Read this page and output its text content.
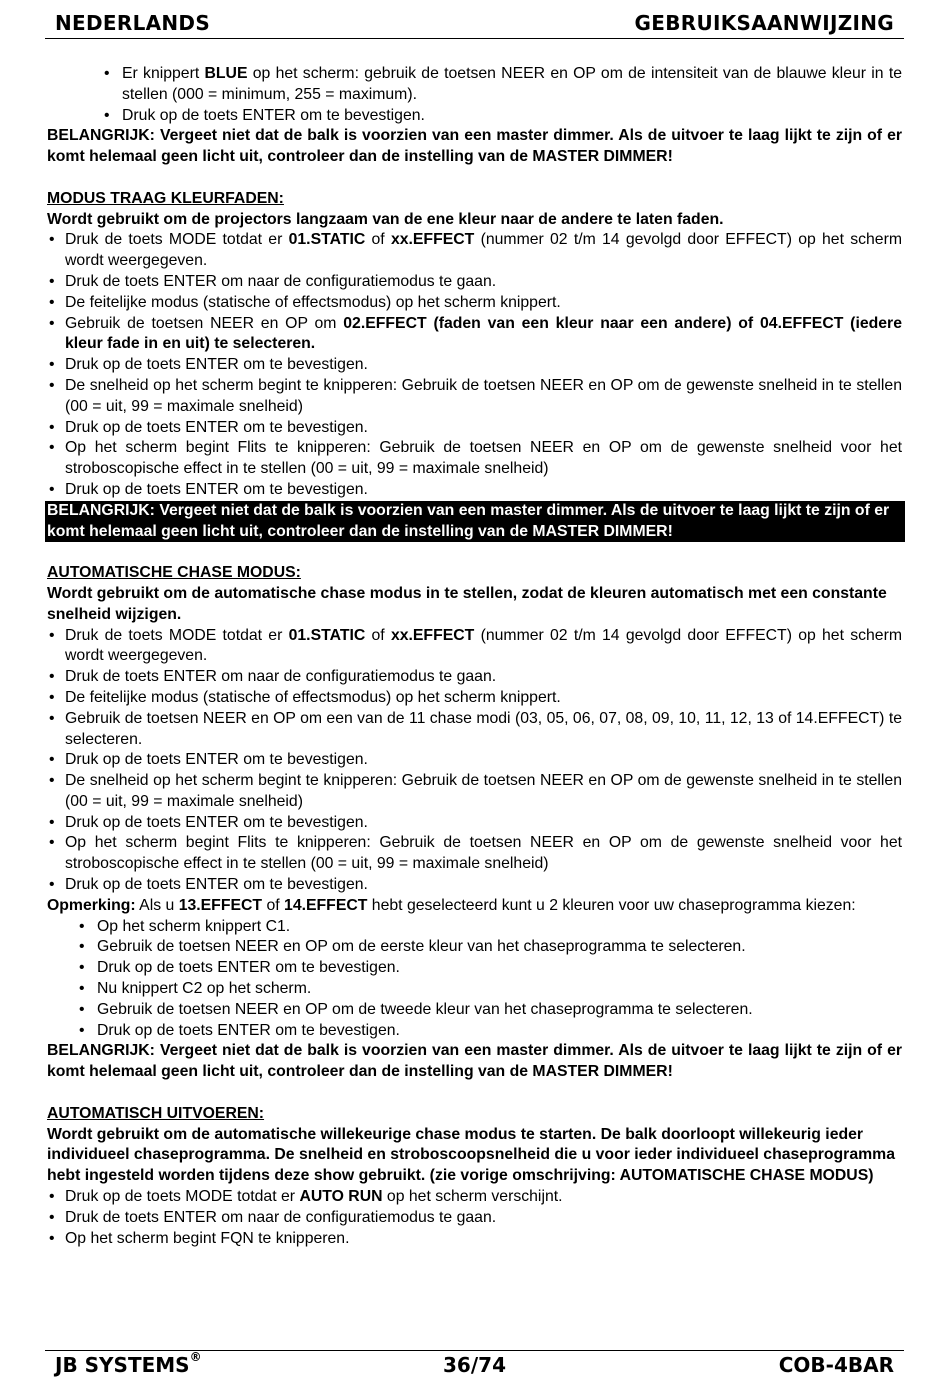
NEDERLANDS	GEBRUIKSAANWIJZING
• Er knippert BLUE op het scherm: gebruik de toetsen NEER en OP om de intensiteit van de blauwe kleur in te stellen (000 = minimum, 255 = maximum).
• Druk op de toets ENTER om te bevestigen.

BELANGRIJK: Vergeet niet dat de balk is voorzien van een master dimmer. Als de uitvoer te laag lijkt te zijn of er komt helemaal geen licht uit, controleer dan de instelling van de MASTER DIMMER!

MODUS TRAAG KLEURFADEN:

Wordt gebruikt om de projectors langzaam van de ene kleur naar de andere te laten faden.

• Druk de toets MODE totdat er 01.STATIC of xx.EFFECT (nummer 02 t/m 14 gevolgd door EFFECT) op het scherm wordt weergegeven.
• Druk de toets ENTER om naar de configuratiemodus te gaan.
• De feitelijke modus (statische of effectsmodus) op het scherm knippert.
• Gebruik de toetsen NEER en OP om 02.EFFECT (faden van een kleur naar een andere) of 04.EFFECT (iedere kleur fade in en uit) te selecteren.
• Druk op de toets ENTER om te bevestigen.
• De snelheid op het scherm begint te knipperen: Gebruik de toetsen NEER en OP om de gewenste snelheid in te stellen (00 = uit, 99 = maximale snelheid)
• Druk op de toets ENTER om te bevestigen.
• Op het scherm begint Flits te knipperen: Gebruik de toetsen NEER en OP om de gewenste snelheid voor het stroboscopische effect in te stellen (00 = uit, 99 = maximale snelheid)
• Druk op de toets ENTER om te bevestigen.
BELANGRIJK: Vergeet niet dat de balk is voorzien van een master dimmer. Als de uitvoer te laag lijkt te zijn of er komt helemaal geen licht uit, controleer dan de instelling van de MASTER DIMMER!

AUTOMATISCHE CHASE MODUS:

Wordt gebruikt om de automatische chase modus in te stellen, zodat de kleuren automatisch met een constante snelheid wijzigen.

• Druk de toets MODE totdat er 01.STATIC of xx.EFFECT (nummer 02 t/m 14 gevolgd door EFFECT) op het scherm wordt weergegeven.
• Druk de toets ENTER om naar de configuratiemodus te gaan.
• De feitelijke modus (statische of effectsmodus) op het scherm knippert.
• Gebruik de toetsen NEER en OP om een van de 11 chase modi (03, 05, 06, 07, 08, 09, 10, 11, 12, 13 of 14.EFFECT) te selecteren.
• Druk op de toets ENTER om te bevestigen.
• De snelheid op het scherm begint te knipperen: Gebruik de toetsen NEER en OP om de gewenste snelheid in te stellen (00 = uit, 99 = maximale snelheid)
• Druk op de toets ENTER om te bevestigen.
• Op het scherm begint Flits te knipperen: Gebruik de toetsen NEER en OP om de gewenste snelheid voor het stroboscopische effect in te stellen (00 = uit, 99 = maximale snelheid)
• Druk op de toets ENTER om te bevestigen.

Opmerking: Als u 13.EFFECT of 14.EFFECT hebt geselecteerd kunt u 2 kleuren voor uw chaseprogramma kiezen:

• Op het scherm knippert C1.
• Gebruik de toetsen NEER en OP om de eerste kleur van het chaseprogramma te selecteren.
• Druk op de toets ENTER om te bevestigen.
• Nu knippert C2 op het scherm.
• Gebruik de toetsen NEER en OP om de tweede kleur van het chaseprogramma te selecteren.
• Druk op de toets ENTER om te bevestigen.

BELANGRIJK: Vergeet niet dat de balk is voorzien van een master dimmer. Als de uitvoer te laag lijkt te zijn of er komt helemaal geen licht uit, controleer dan de instelling van de MASTER DIMMER!

AUTOMATISCH UITVOEREN:

Wordt gebruikt om de automatische willekeurige chase modus te starten. De balk doorloopt willekeurig ieder individueel chaseprogramma. De snelheid en stroboscoopsnelheid die u voor ieder individueel chaseprogramma hebt ingesteld worden tijdens deze show gebruikt. (zie vorige omschrijving: AUTOMATISCHE CHASE MODUS)

• Druk op de toets MODE totdat er AUTO RUN op het scherm verschijnt.
• Druk de toets ENTER om naar de configuratiemodus te gaan.
• Op het scherm begint FQN te knipperen.
JB SYSTEMS®	36/74	COB-4BAR
